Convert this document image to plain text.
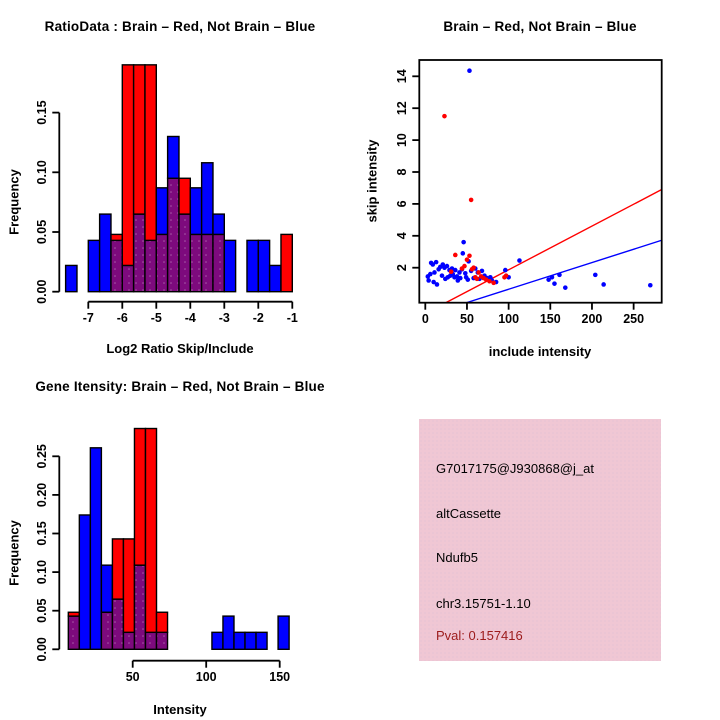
0.00
0.05
0.10
0.15
-7 -6 -5 -4 -3 -2 -1
RatioData : Brain – Red, Not Brain – Blue
Log2 Ratio Skip/Include
Frequency
0 50 100 150 200 250
2
4
6
8
10
12
14
Brain – Red, Not Brain – Blue
include intensity
skip intensity
0.00
0.05
0.10
0.15
0.20
0.25
50	100	150
Gene Itensity: Brain – Red, Not Brain – Blue
Intensity
Frequency
G7017175@J930868@j_at
altCassette
Ndufb5
chr3.15751-1.10
Pval: 0.157416
